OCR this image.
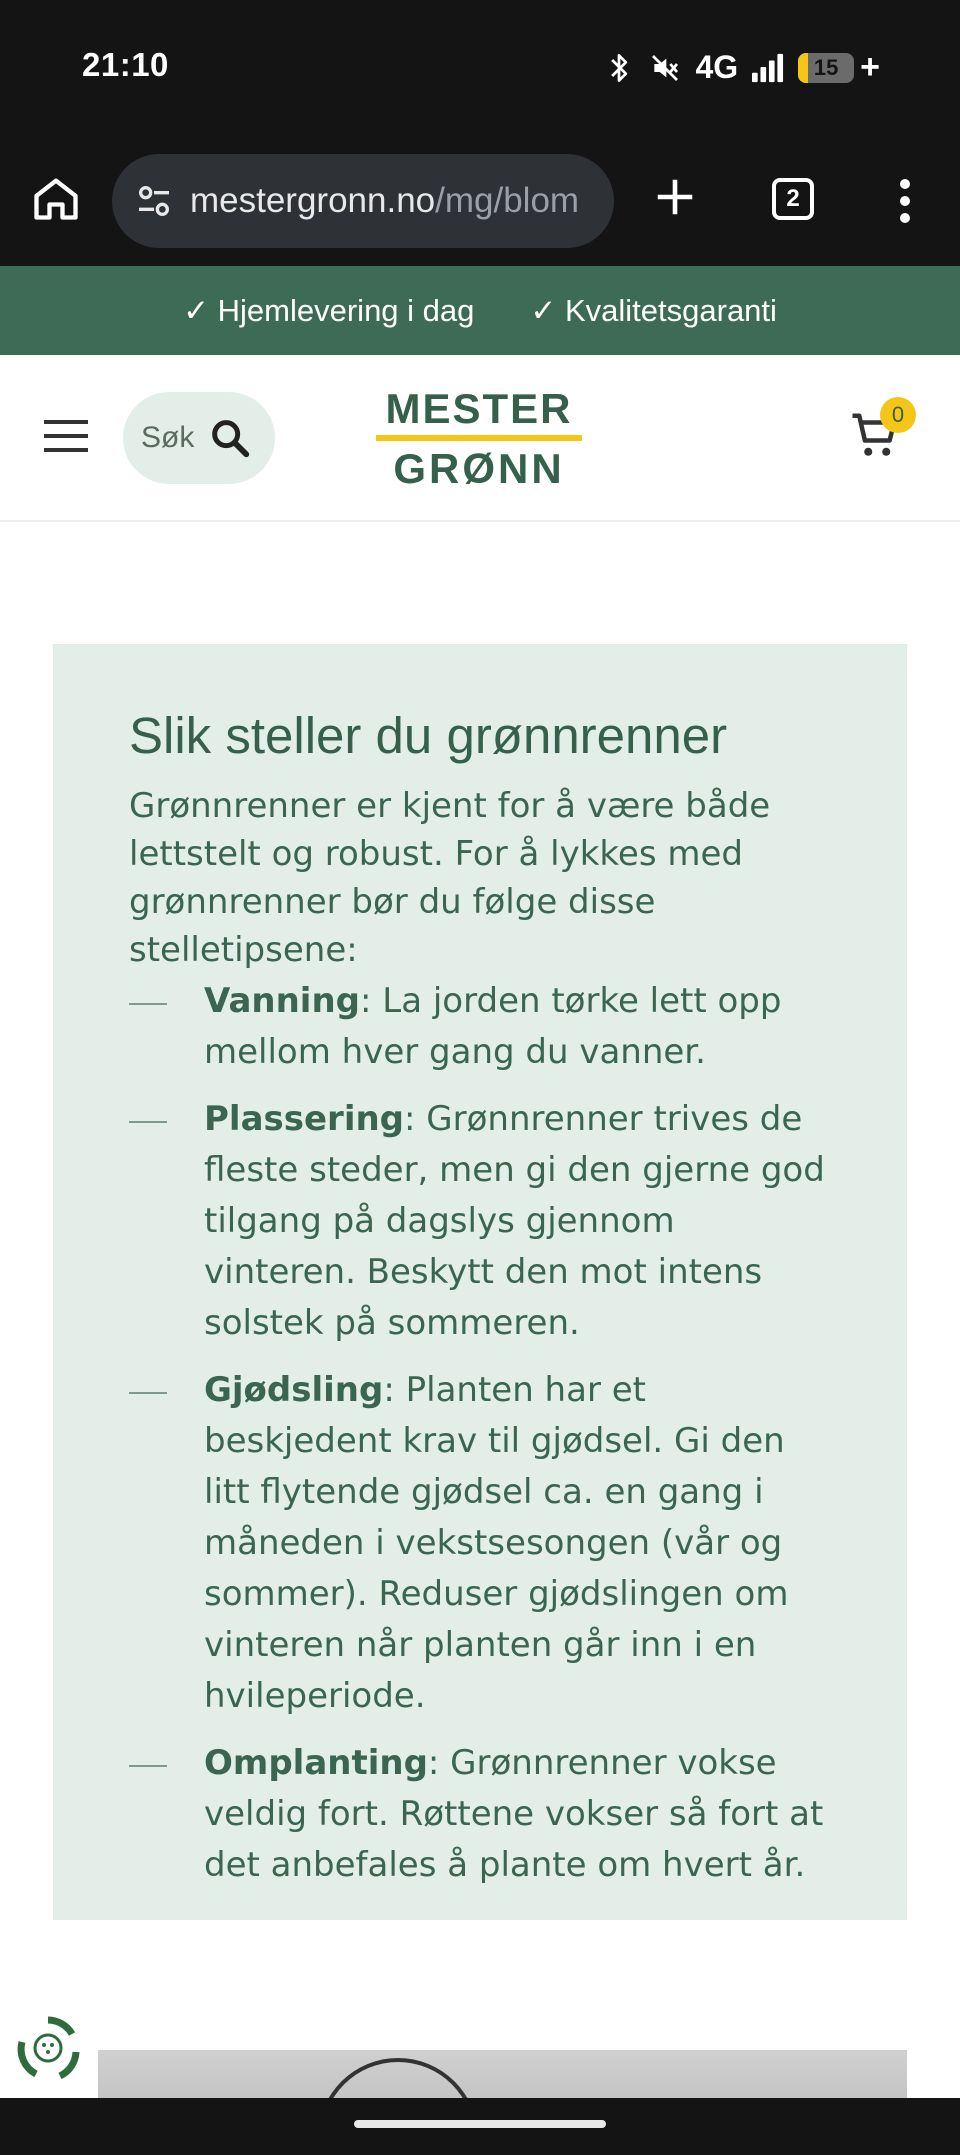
21:10	4G	15 +
mestergronn.no/mg/blom	2
✓ Hjemlevering i dag ✓ Kvalitetsgaranti
Søk
MESTER
GRØNN
0
Slik steller du grønnrenner

Grønnrenner er kjent for å være både lettstelt og robust. For å lykkes med grønnrenner bør du følge disse stelletipsene:

Vanning: La jorden tørke lett opp mellom hver gang du vanner.
Plassering: Grønnrenner trives de fleste steder, men gi den gjerne god tilgang på dagslys gjennom vinteren. Beskytt den mot intens solstek på sommeren.
Gjødsling: Planten har et beskjedent krav til gjødsel. Gi den litt flytende gjødsel ca. en gang i måneden i vekstsesongen (vår og sommer). Reduser gjødslingen om vinteren når planten går inn i en hvileperiode.
Omplanting: Grønnrenner vokse veldig fort. Røttene vokser så fort at det anbefales å plante om hvert år.
